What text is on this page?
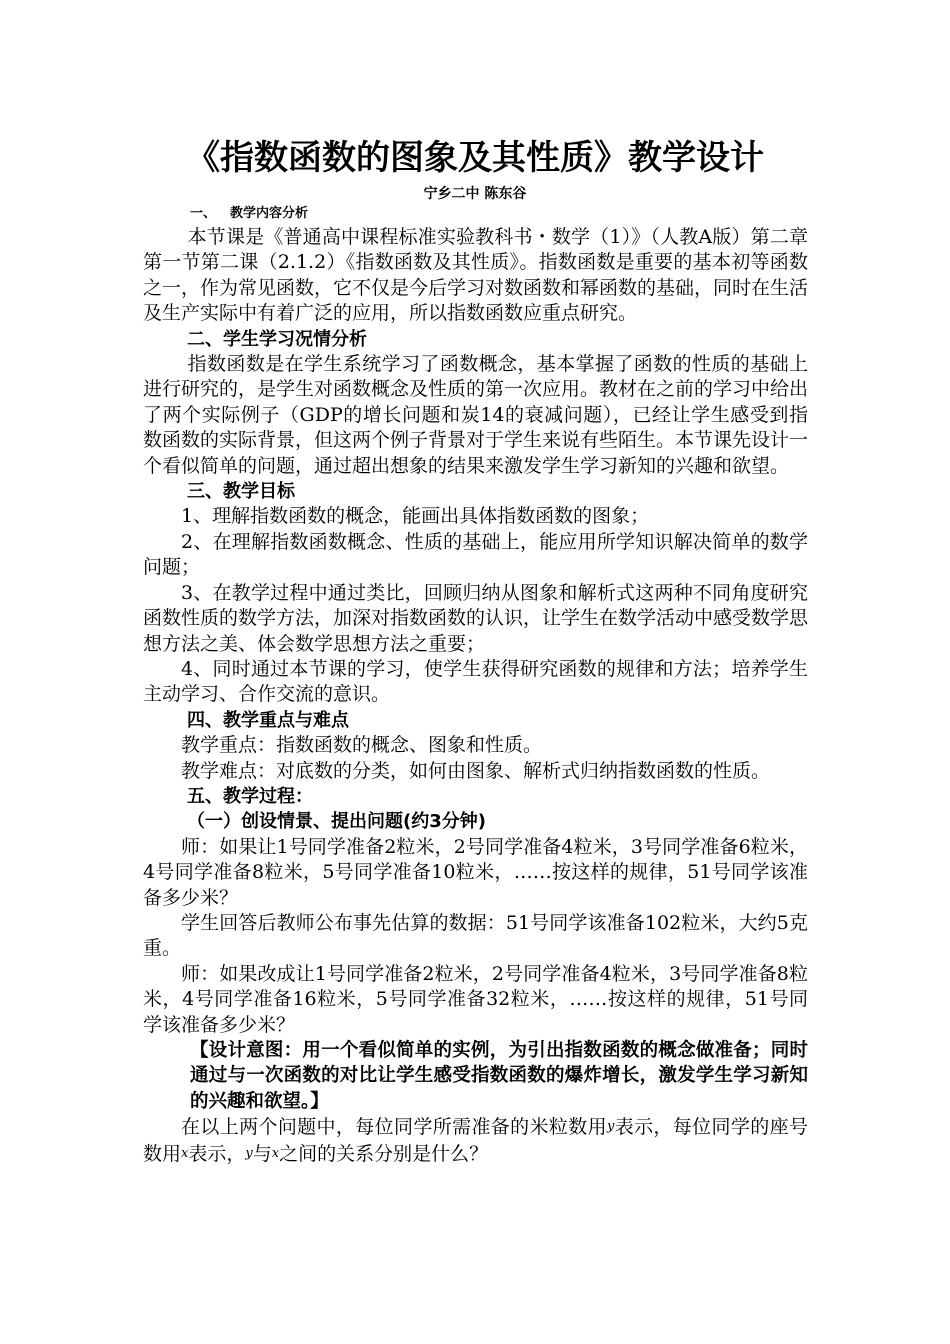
《指数函数的图象及其性质》教学设计
宁乡二中 陈东谷

一、 教学内容分析

本节课是《普通高中课程标准实验教科书・数学（1）》（人教A版）第二章第一节第二课（2.1.2）《指数函数及其性质》。指数函数是重要的基本初等函数之一，作为常见函数，它不仅是今后学习对数函数和幂函数的基础，同时在生活及生产实际中有着广泛的应用，所以指数函数应重点研究。

二、学生学习况情分析

指数函数是在学生系统学习了函数概念，基本掌握了函数的性质的基础上进行研究的，是学生对函数概念及性质的第一次应用。教材在之前的学习中给出了两个实际例子（GDP的增长问题和炭14的衰减问题），已经让学生感受到指数函数的实际背景，但这两个例子背景对于学生来说有些陌生。本节课先设计一个看似简单的问题，通过超出想象的结果来激发学生学习新知的兴趣和欲望。

三、教学目标

1、理解指数函数的概念，能画出具体指数函数的图象；

2、在理解指数函数概念、性质的基础上，能应用所学知识解决简单的数学问题；

3、在教学过程中通过类比，回顾归纳从图象和解析式这两种不同角度研究函数性质的数学方法，加深对指数函数的认识，让学生在数学活动中感受数学思想方法之美、体会数学思想方法之重要；

4、同时通过本节课的学习，使学生获得研究函数的规律和方法；培养学生主动学习、合作交流的意识。

四、教学重点与难点

教学重点：指数函数的概念、图象和性质。

教学难点：对底数的分类，如何由图象、解析式归纳指数函数的性质。

五、教学过程：

（一）创设情景、提出问题(约3分钟)

师：如果让1号同学准备2粒米，2号同学准备4粒米，3号同学准备6粒米，4号同学准备8粒米，5号同学准备10粒米，……按这样的规律，51号同学该准备多少米？

学生回答后教师公布事先估算的数据：51号同学该准备102粒米，大约5克重。

师：如果改成让1号同学准备2粒米，2号同学准备4粒米，3号同学准备8粒米，4号同学准备16粒米，5号同学准备32粒米，……按这样的规律，51号同学该准备多少米？

【设计意图：用一个看似简单的实例，为引出指数函数的概念做准备；同时通过与一次函数的对比让学生感受指数函数的爆炸增长，激发学生学习新知的兴趣和欲望。】

在以上两个问题中，每位同学所需准备的米粒数用y表示，每位同学的座号数用x表示，y与x之间的关系分别是什么？
